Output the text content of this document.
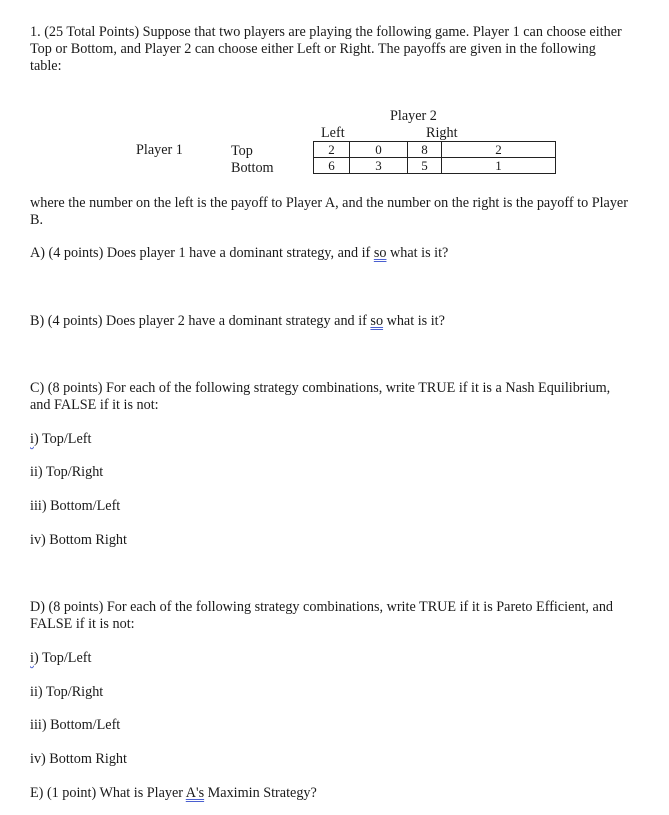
1. (25 Total Points) Suppose that two players are playing the following game. Player 1 can choose either
Top or Bottom, and Player 2 can choose either Left or Right. The payoffs are given in the following
table:
Player 2
Left	Right
Player 1	Top
Bottom
2	0	8	2
6	3	5	1
where the number on the left is the payoff to Player A, and the number on the right is the payoff to Player
B.
A) (4 points) Does player 1 have a dominant strategy, and if so what is it?
B) (4 points) Does player 2 have a dominant strategy and if so what is it?
C) (8 points) For each of the following strategy combinations, write TRUE if it is a Nash Equilibrium,
and FALSE if it is not:
i) Top/Left
ii) Top/Right
iii) Bottom/Left
iv) Bottom Right
D) (8 points) For each of the following strategy combinations, write TRUE if it is Pareto Efficient, and
FALSE if it is not:
i) Top/Left
ii) Top/Right
iii) Bottom/Left
iv) Bottom Right
E) (1 point) What is Player A's Maximin Strategy?
